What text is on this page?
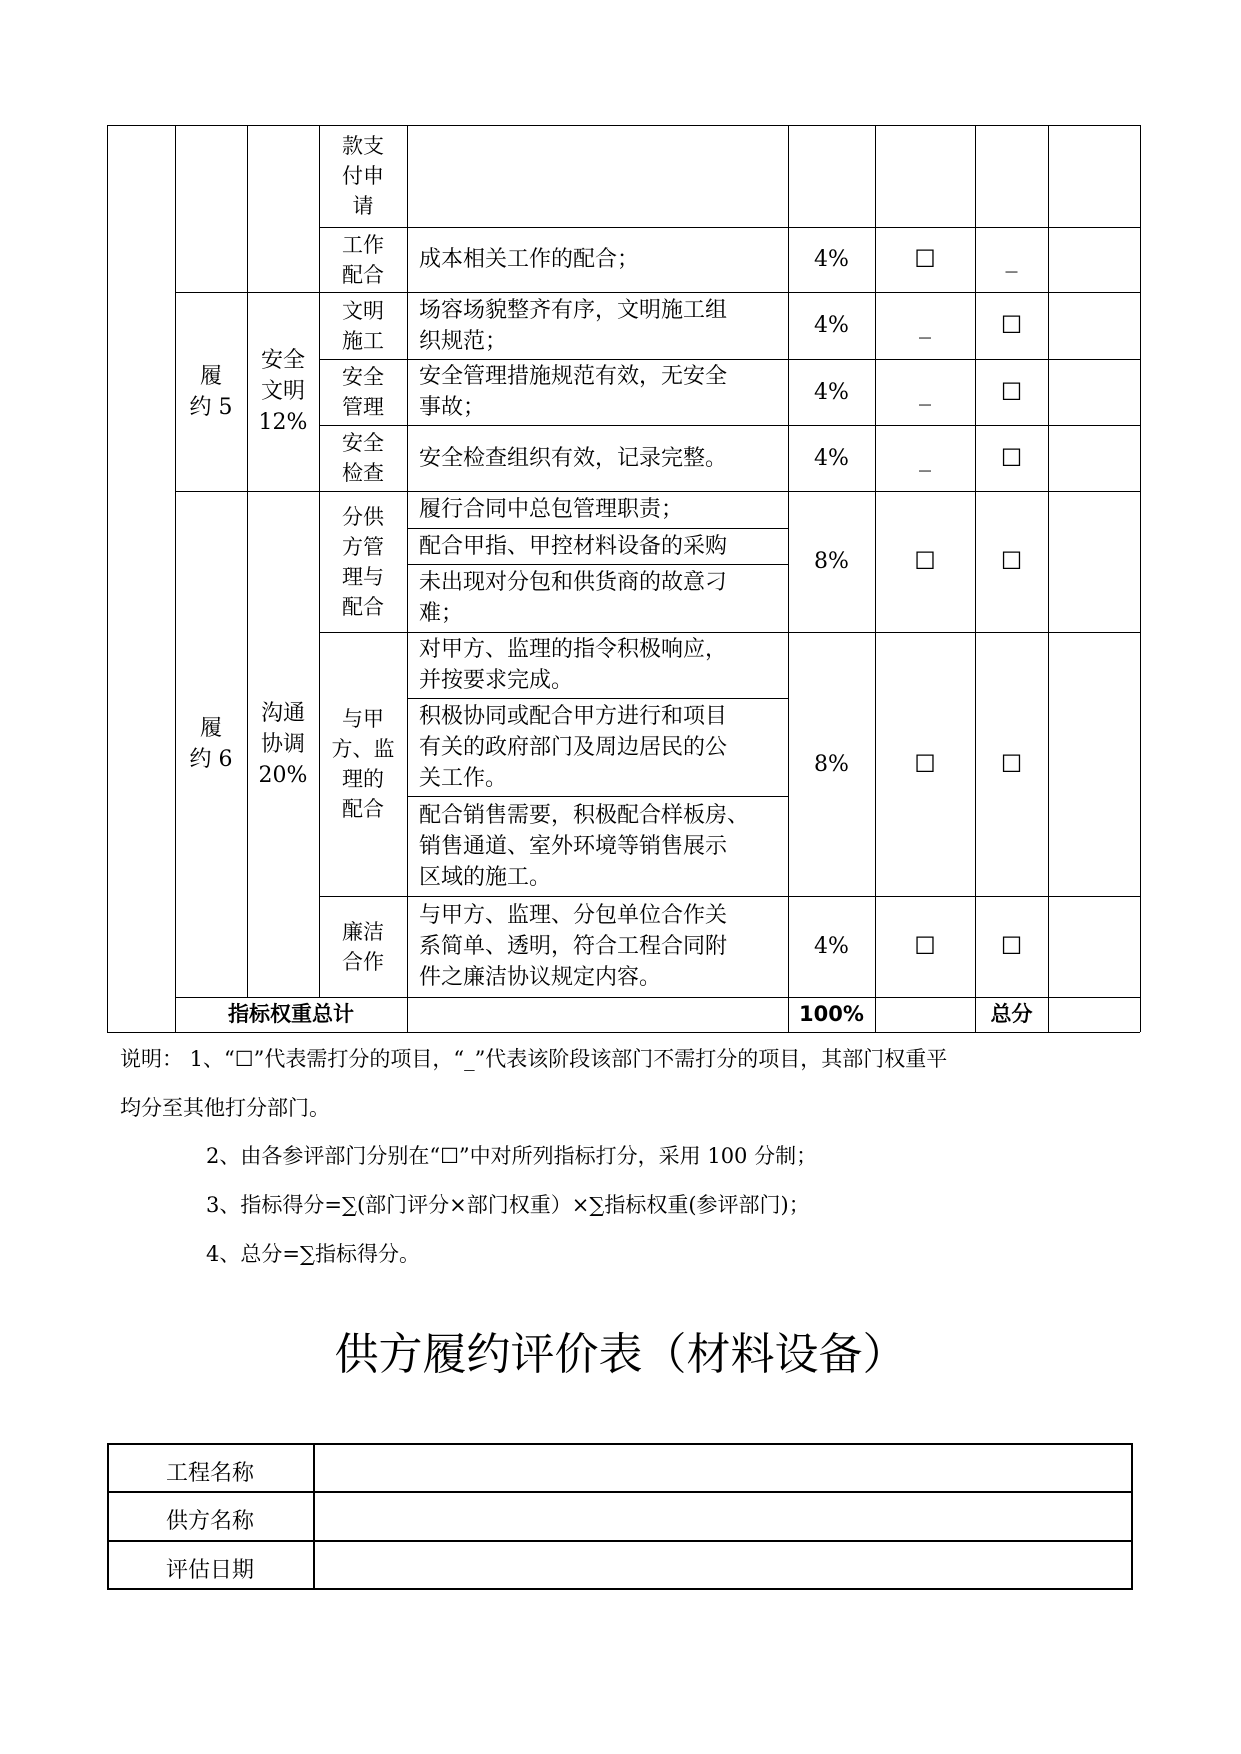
履
约 5
安全
文明
12%
履
约 6
沟通
协调
20%
款支
付申
请
工作
配合
文明
施工
安全
管理
安全
检查
分供
方管
理与
配合
与甲
方、监
理的
配合
廉洁
合作
成本相关工作的配合；
场容场貌整齐有序，文明施工组
织规范；
安全管理措施规范有效，无安全
事故；
安全检查组织有效，记录完整。
履行合同中总包管理职责；
配合甲指、甲控材料设备的采购
未出现对分包和供货商的故意刁
难；
对甲方、监理的指令积极响应，
并按要求完成。
积极协同或配合甲方进行和项目
有关的政府部门及周边居民的公
关工作。
配合销售需要，积极配合样板房、
销售通道、室外环境等销售展示
区域的施工。
与甲方、监理、分包单位合作关
系简单、透明，符合工程合同附
件之廉洁协议规定内容。
4%
4%
4%
4%
8%
8%
4%
☐
_
_
_
☐
☐
☐
_
☐
☐
☐
☐
☐
☐
指标权重总计	100%	总分
说明： 1、“☐”代表需打分的项目，“_”代表该阶段该部门不需打分的项目，其部门权重平
均分至其他打分部门。
2、由各参评部门分别在“☐”中对所列指标打分，采用 100 分制；
3、指标得分=∑(部门评分×部门权重）×∑指标权重(参评部门)；
4、总分=∑指标得分。
供方履约评价表（材料设备）
工程名称
供方名称
评估日期
